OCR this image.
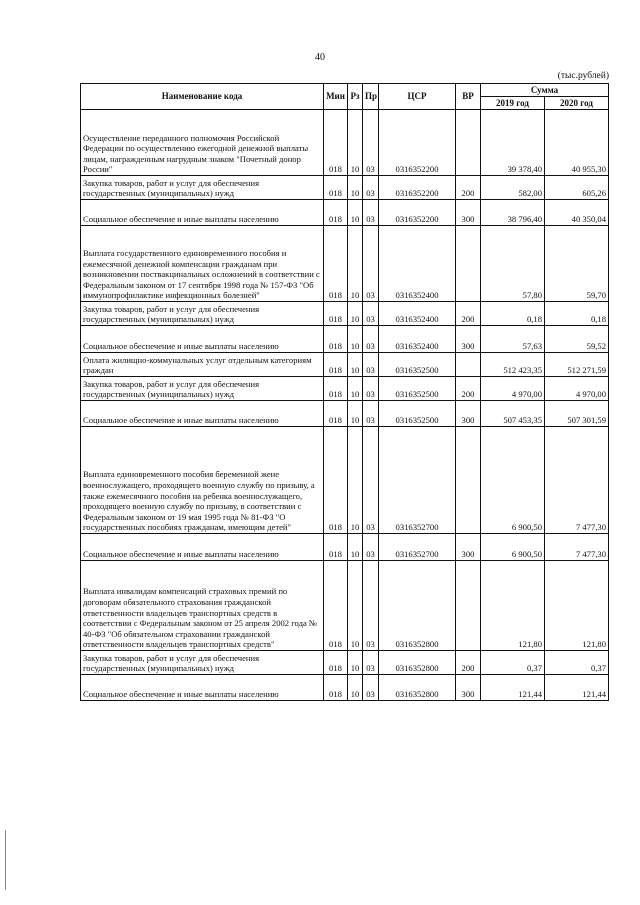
40
(тыс.рублей)
Наименование кода	Мин	Рз	Пр	ЦСР	ВР	Сумма	
						2019 год	2020 год
Осуществление переданного полномочия Российской Федерации по осуществлению ежегодной денежной выплаты лицам, награжденным нагрудным знаком "Почетный донор России"	018	10	03	0316352200		39 378,40	40 955,30
Закупка товаров, работ и услуг для обеспечения государственных (муниципальных) нужд	018	10	03	0316352200	200	582,00	605,26
Социальное обеспечение и иные выплаты населению	018	10	03	0316352200	300	38 796,40	40 350,04
Выплата государственного единовременного пособия и ежемесячной денежной компенсации гражданам при возникновении поствакцинальных осложнений в соответствии с Федеральным законом от 17 сентября 1998 года № 157-ФЗ "Об иммунопрофилактике инфекционных болезней"	018	10	03	0316352400		57,80	59,70
Закупка товаров, работ и услуг для обеспечения государственных (муниципальных) нужд	018	10	03	0316352400	200	0,18	0,18
Социальное обеспечение и иные выплаты населению	018	10	03	0316352400	300	57,63	59,52
Оплата жилищно-коммунальных услуг отдельным категориям граждан	018	10	03	0316352500		512 423,35	512 271,59
Закупка товаров, работ и услуг для обеспечения государственных (муниципальных) нужд	018	10	03	0316352500	200	4 970,00	4 970,00
Социальное обеспечение и иные выплаты населению	018	10	03	0316352500	300	507 453,35	507 301,59
Выплата единовременного пособия беременной жене военнослужащего, проходящего военную службу по призыву, а также ежемесячного пособия на ребенка военнослужащего, проходящего военную службу по призыву, в соответствии с Федеральным законом от 19 мая 1995 года № 81-ФЗ "О государственных пособиях гражданам, имеющим детей"	018	10	03	0316352700		6 900,50	7 477,30
Социальное обеспечение и иные выплаты населению	018	10	03	0316352700	300	6 900,50	7 477,30
Выплата инвалидам компенсаций страховых премий по договорам обязательного страхования гражданской ответственности владельцев транспортных средств в соответствии с Федеральным законом от 25 апреля 2002 года № 40-ФЗ "Об обязательном страховании гражданской ответственности владельцев транспортных средств"	018	10	03	0316352800		121,80	121,80
Закупка товаров, работ и услуг для обеспечения государственных (муниципальных) нужд	018	10	03	0316352800	200	0,37	0,37
Социальное обеспечение и иные выплаты населению	018	10	03	0316352800	300	121,44	121,44
